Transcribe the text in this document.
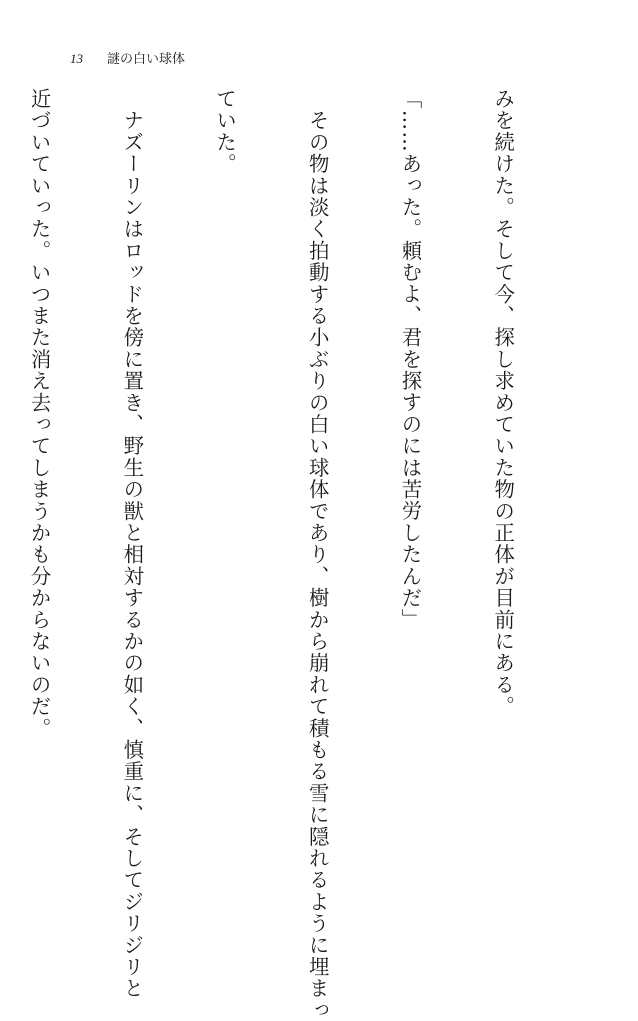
13 謎の白い球体

みを続けた。そして今、探し求めていた物の正体が目前にある。

「……あった。頼むよ、君を探すのには苦労したんだ」

　その物は淡く拍動する小ぶりの白い球体であり、樹から崩れて積もる雪に隠れるように埋まっ

ていた。

　ナズーリンはロッドを傍に置き、野生の獣と相対するかの如く、慎重に、そしてジリジリと

近づいていった。いつまた消え去ってしまうかも分からないのだ。
